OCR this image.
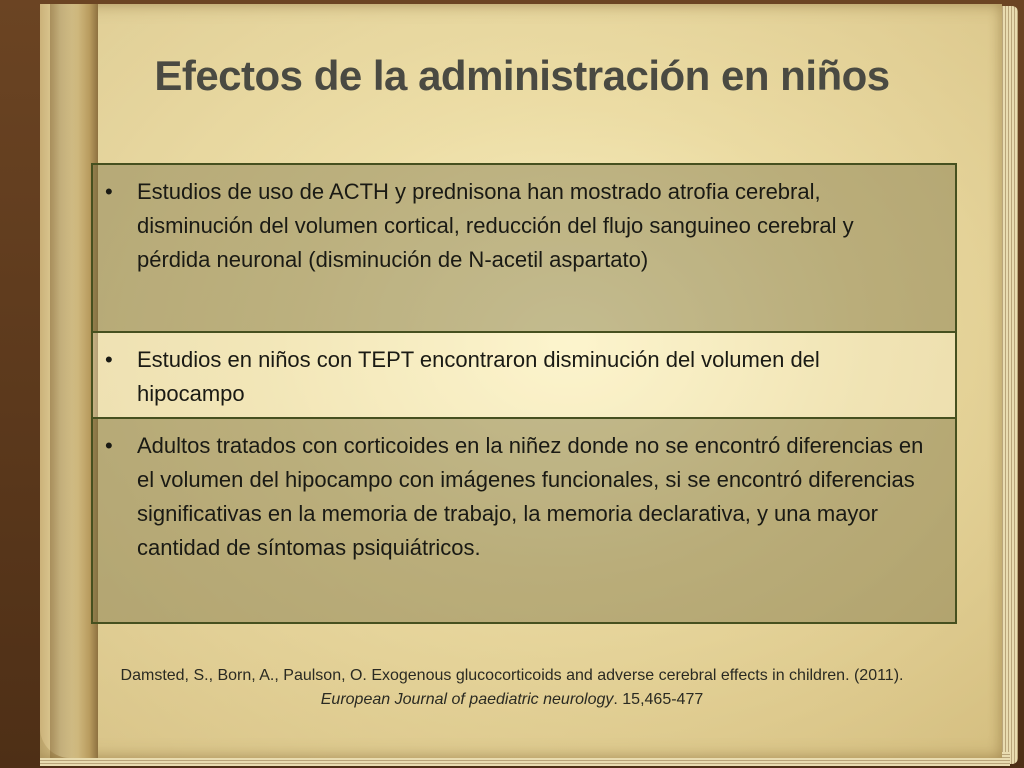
Efectos de la administración en niños
• Estudios de uso de ACTH y prednisona han mostrado atrofia cerebral, disminución del volumen cortical, reducción del flujo sanguineo cerebral y pérdida neuronal (disminución de N-acetil aspartato)
• Estudios en niños con TEPT encontraron disminución del volumen del hipocampo
• Adultos tratados con corticoides en la niñez donde no se encontró diferencias en el volumen del hipocampo con imágenes funcionales, si se encontró diferencias significativas en la memoria de trabajo, la memoria declarativa, y una mayor cantidad de síntomas psiquiátricos.
Damsted, S., Born, A., Paulson, O. Exogenous glucocorticoids and adverse cerebral effects in children. (2011). European Journal of paediatric neurology. 15,465-477
